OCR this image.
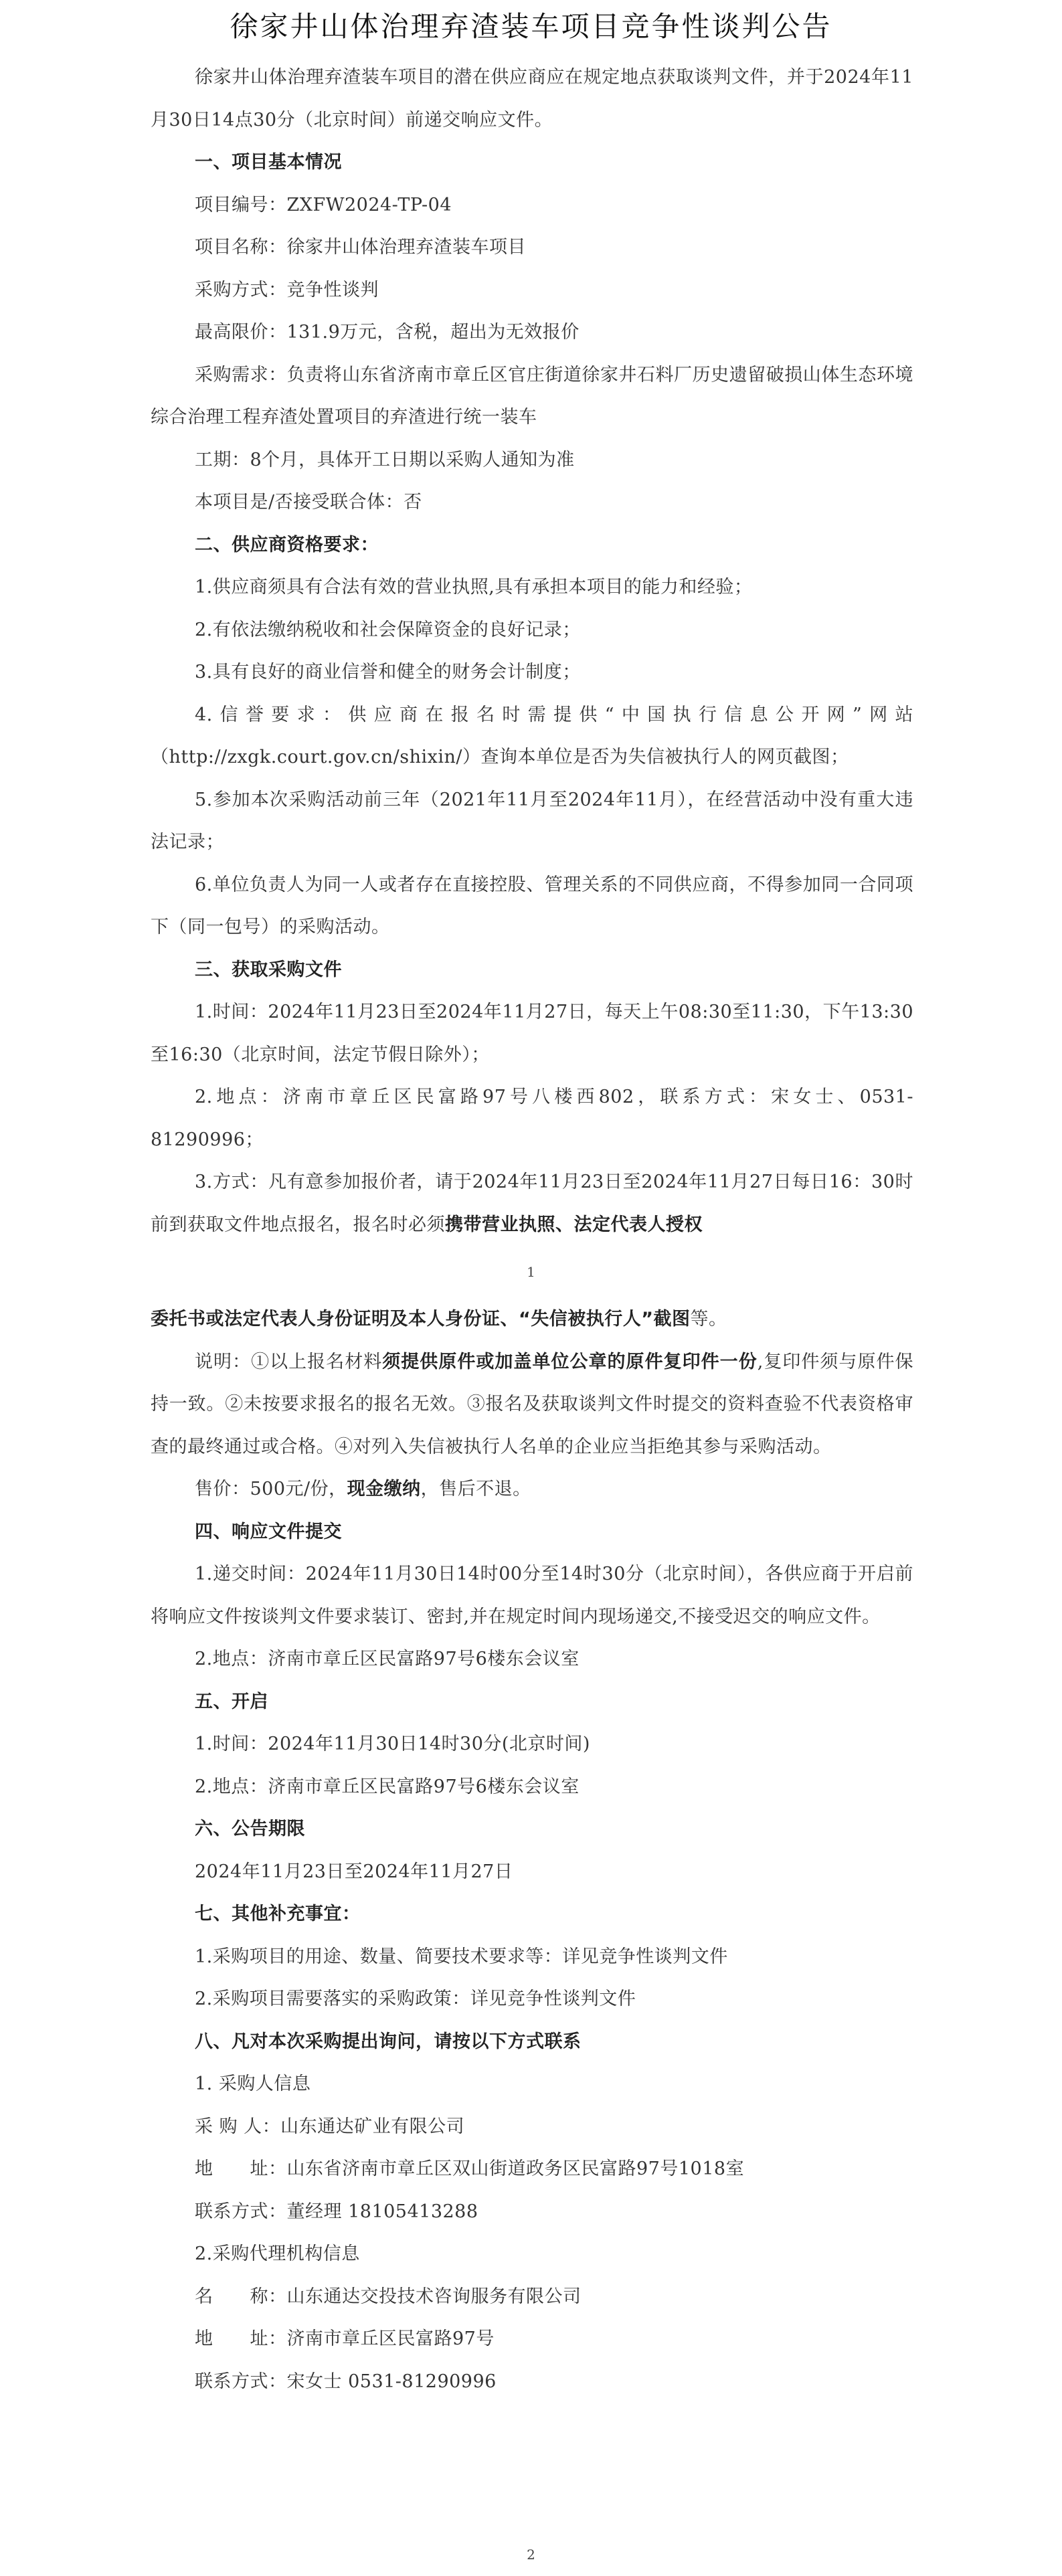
徐家井山体治理弃渣装车项目竞争性谈判公告

徐家井山体治理弃渣装车项目的潜在供应商应在规定地点获取谈判文件，并于2024年11月30日14点30分（北京时间）前递交响应文件。

一、项目基本情况

项目编号：ZXFW2024-TP-04

项目名称：徐家井山体治理弃渣装车项目

采购方式：竞争性谈判

最高限价：131.9万元，含税，超出为无效报价

采购需求：负责将山东省济南市章丘区官庄街道徐家井石料厂历史遗留破损山体生态环境综合治理工程弃渣处置项目的弃渣进行统一装车

工期：8个月，具体开工日期以采购人通知为准

本项目是/否接受联合体：否

二、供应商资格要求：

1.供应商须具有合法有效的营业执照,具有承担本项目的能力和经验；

2.有依法缴纳税收和社会保障资金的良好记录；

3.具有良好的商业信誉和健全的财务会计制度；

4.信誉要求：供应商在报名时需提供“中国执行信息公开网”网站（http://zxgk.court.gov.cn/shixin/）查询本单位是否为失信被执行人的网页截图；

5.参加本次采购活动前三年（2021年11月至2024年11月），在经营活动中没有重大违法记录；

6.单位负责人为同一人或者存在直接控股、管理关系的不同供应商，不得参加同一合同项下（同一包号）的采购活动。

三、获取采购文件

1.时间：2024年11月23日至2024年11月27日，每天上午08:30至11:30，下午13:30至16:30（北京时间，法定节假日除外）；

2.地点：济南市章丘区民富路97号八楼西802，联系方式：宋女士、0531-81290996；

3.方式：凡有意参加报价者，请于2024年11月23日至2024年11月27日每日16：30时前到获取文件地点报名，报名时必须携带营业执照、法定代表人授权

1

委托书或法定代表人身份证明及本人身份证、“失信被执行人”截图等。

说明：①以上报名材料须提供原件或加盖单位公章的原件复印件一份,复印件须与原件保持一致。②未按要求报名的报名无效。③报名及获取谈判文件时提交的资料查验不代表资格审查的最终通过或合格。④对列入失信被执行人名单的企业应当拒绝其参与采购活动。

售价：500元/份，现金缴纳，售后不退。

四、响应文件提交

1.递交时间：2024年11月30日14时00分至14时30分（北京时间），各供应商于开启前将响应文件按谈判文件要求装订、密封,并在规定时间内现场递交,不接受迟交的响应文件。

2.地点：济南市章丘区民富路97号6楼东会议室

五、开启

1.时间：2024年11月30日14时30分(北京时间)

2.地点：济南市章丘区民富路97号6楼东会议室

六、公告期限

2024年11月23日至2024年11月27日

七、其他补充事宜：

1.采购项目的用途、数量、简要技术要求等：详见竞争性谈判文件

2.采购项目需要落实的采购政策：详见竞争性谈判文件

八、凡对本次采购提出询问，请按以下方式联系

1. 采购人信息

采 购 人：山东通达矿业有限公司

地　　址：山东省济南市章丘区双山街道政务区民富路97号1018室

联系方式：董经理 18105413288

2.采购代理机构信息

名　　称：山东通达交投技术咨询服务有限公司

地　　址：济南市章丘区民富路97号

联系方式：宋女士 0531-81290996

2
